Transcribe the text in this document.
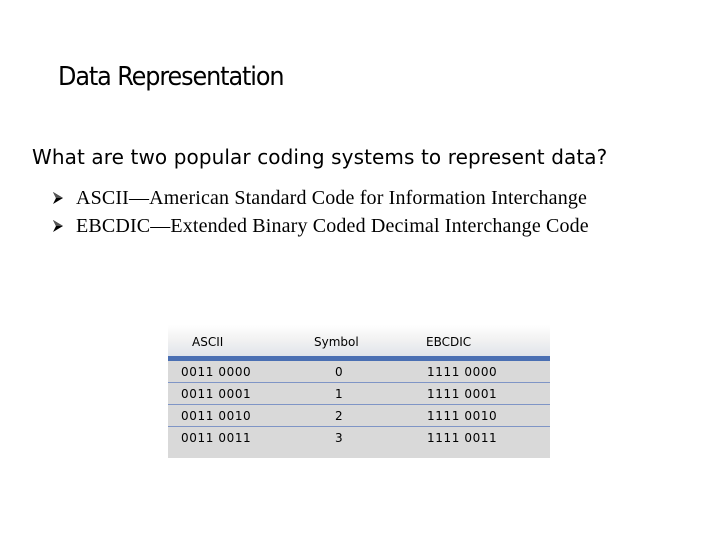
Data Representation
What are two popular coding systems to represent data?
ASCII—American Standard Code for Information Interchange
EBCDIC—Extended Binary Coded Decimal Interchange Code
ASCII	Symbol	EBCDIC
0011 0000	0	1111 0000
0011 0001	1	1111 0001
0011 0010	2	1111 0010
0011 0011	3	1111 0011
